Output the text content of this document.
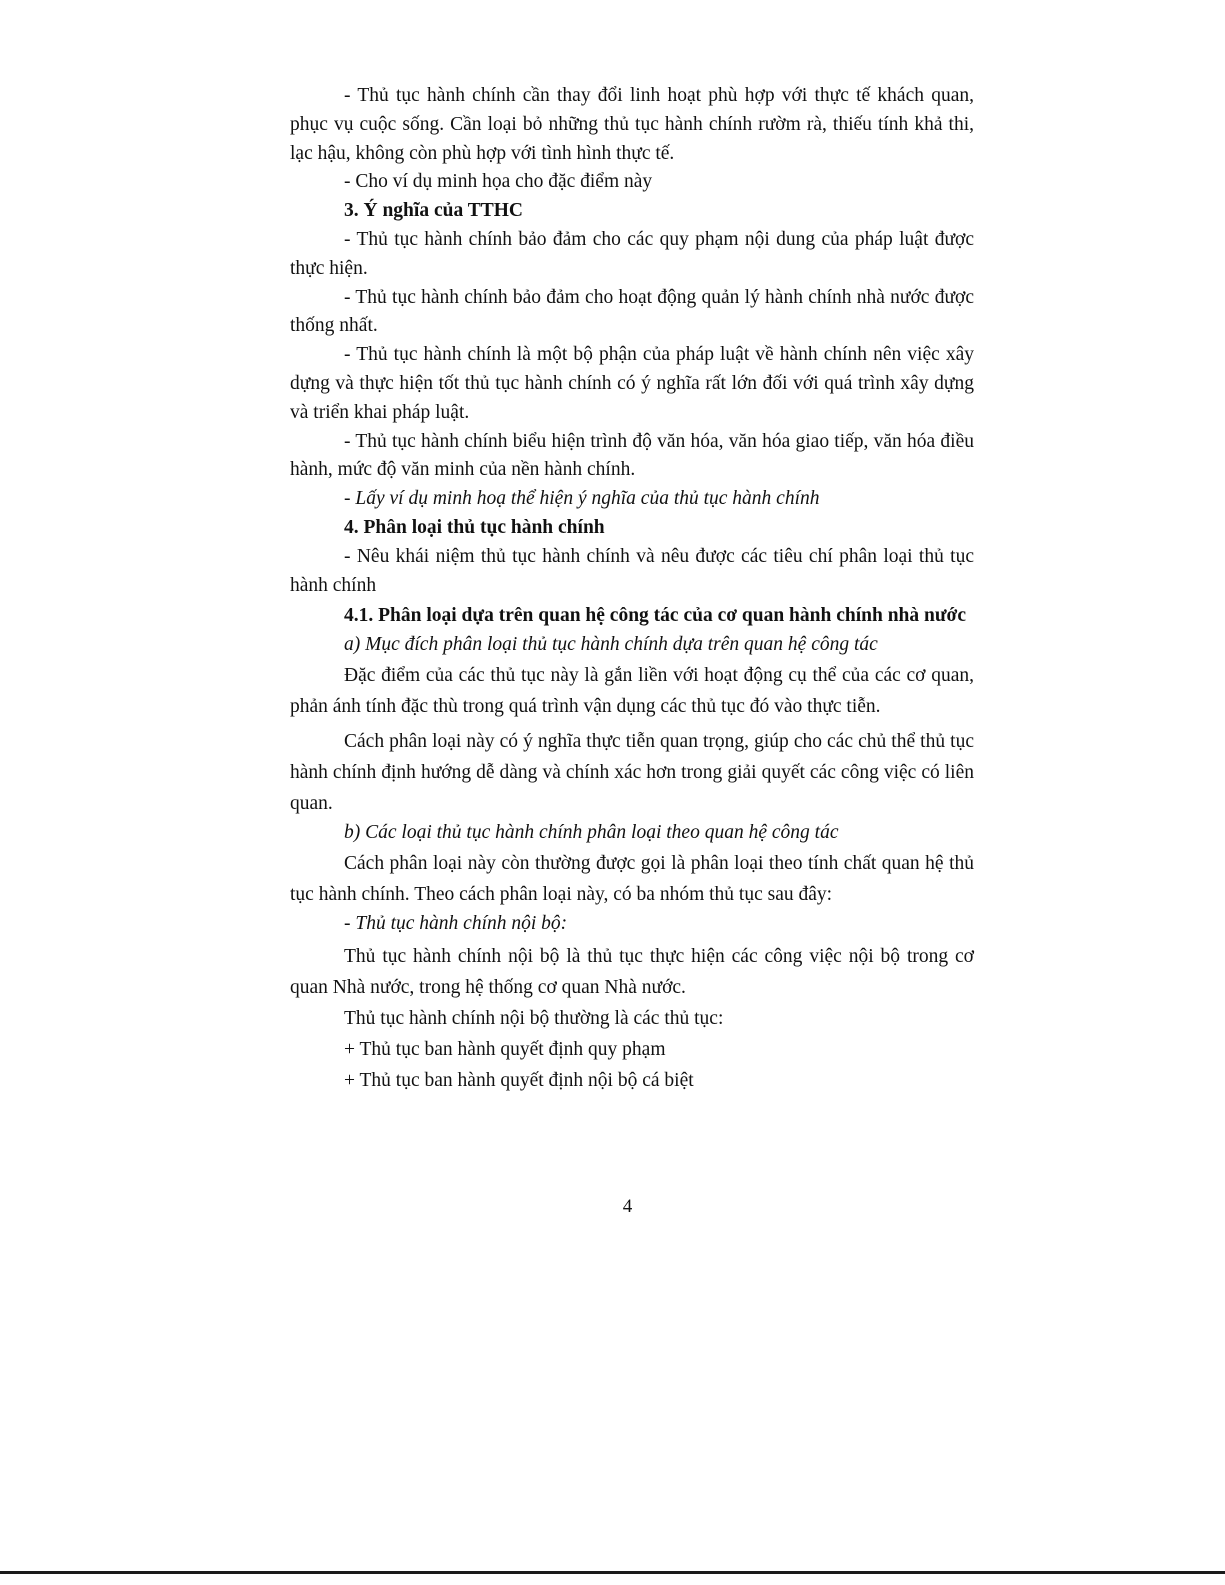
- Thủ tục hành chính cần thay đổi linh hoạt phù hợp với thực tế khách quan, phục vụ cuộc sống. Cần loại bỏ những thủ tục hành chính rườm rà, thiếu tính khả thi, lạc hậu, không còn phù hợp với tình hình thực tế.

- Cho ví dụ minh họa cho đặc điểm này

3. Ý nghĩa của TTHC

- Thủ tục hành chính bảo đảm cho các quy phạm nội dung của pháp luật được thực hiện.

- Thủ tục hành chính bảo đảm cho hoạt động quản lý hành chính nhà nước được thống nhất.

- Thủ tục hành chính là một bộ phận của pháp luật về hành chính nên việc xây dựng và thực hiện tốt thủ tục hành chính có ý nghĩa rất lớn đối với quá trình xây dựng và triển khai pháp luật.

- Thủ tục hành chính biểu hiện trình độ văn hóa, văn hóa giao tiếp, văn hóa điều hành, mức độ văn minh của nền hành chính.

- Lấy ví dụ minh hoạ thể hiện ý nghĩa của thủ tục hành chính

4. Phân loại thủ tục hành chính

- Nêu khái niệm thủ tục hành chính và nêu được các tiêu chí phân loại thủ tục hành chính

4.1. Phân loại dựa trên quan hệ công tác của cơ quan hành chính nhà nước

a) Mục đích phân loại thủ tục hành chính dựa trên quan hệ công tác

Đặc điểm của các thủ tục này là gắn liền với hoạt động cụ thể của các cơ quan, phản ánh tính đặc thù trong quá trình vận dụng các thủ tục đó vào thực tiễn.

Cách phân loại này có ý nghĩa thực tiễn quan trọng, giúp cho các chủ thể thủ tục hành chính định hướng dễ dàng và chính xác hơn trong giải quyết các công việc có liên quan.

b) Các loại thủ tục hành chính phân loại theo quan hệ công tác

Cách phân loại này còn thường được gọi là phân loại theo tính chất quan hệ thủ tục hành chính. Theo cách phân loại này, có ba nhóm thủ tục sau đây:

- Thủ tục hành chính nội bộ:

Thủ tục hành chính nội bộ là thủ tục thực hiện các công việc nội bộ trong cơ quan Nhà nước, trong hệ thống cơ quan Nhà nước.

Thủ tục hành chính nội bộ thường là các thủ tục:

+ Thủ tục ban hành quyết định quy phạm

+ Thủ tục ban hành quyết định nội bộ cá biệt

4
